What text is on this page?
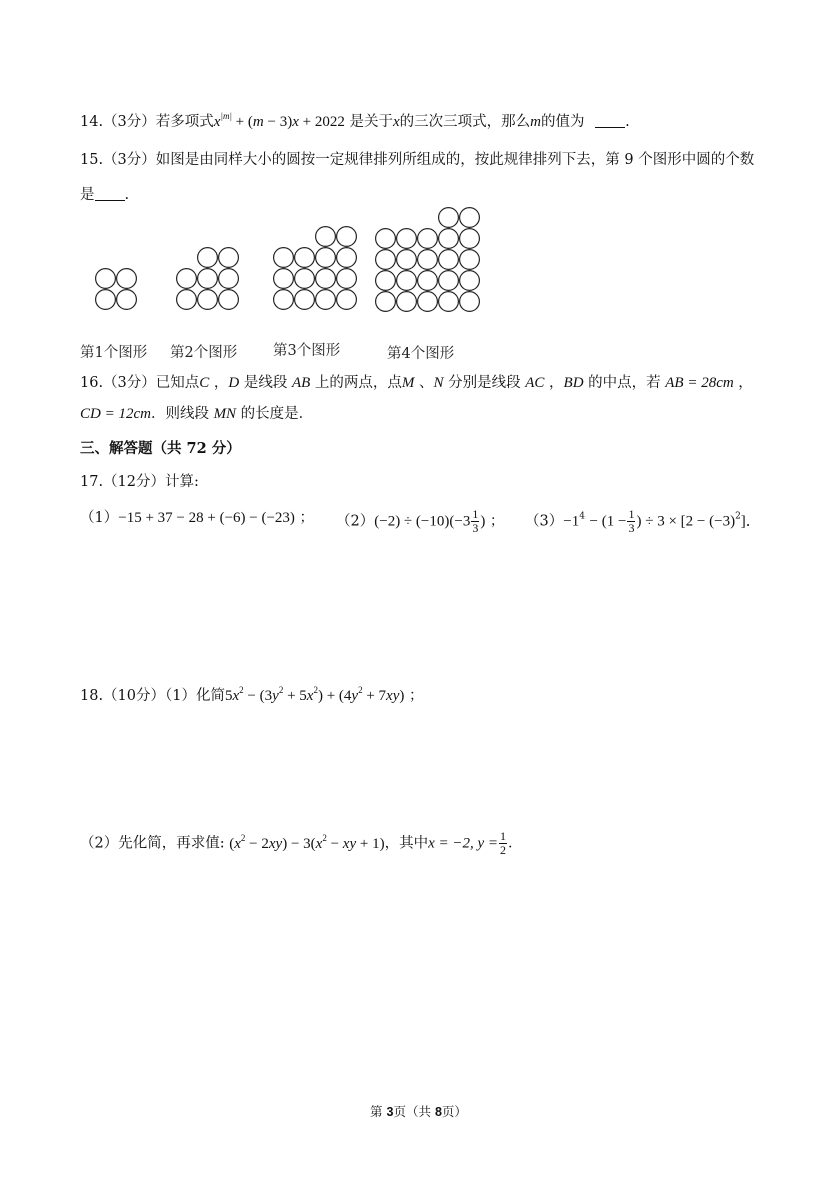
14.（3分）若多项式$x^{|m|} + (m - 3)x + 2022$ 是关于x的三次三项式，那么m的值为	.
15.（3分）如图是由同样大小的圆按一定规律排列所组成的，按此规律排列下去，第 9 个图形中圆的个数
是 .
第1个图形 第2个图形 第3个图形	第4个图形
16.（3分）已知点C ，D 是线段 AB 上的两点，点M 、N 分别是线段 AC ，BD 的中点，若 AB = 28cm ，
CD = 12cm．则线段 MN 的长度是．
三、解答题（共 72 分）
17.（12分）计算:
（1）−15 + 37 − 28 + (−6) − (−23) ； $(2)(-2) \div (-10)(-3 \frac{1}{3}$ ) ； $(3)-1^4 - (1 - \frac{1}{3}$ ) ÷ $3 \times [2 - (-3)^2]$．
18.（10分）（1）化简$5x^2 - (3y^2 + 5x^2) + (4y^2 + 7xy)$ ；
（2）先化简，再求值: $(x^2 - 2xy) - 3(x^2$ − xy + 1)，其中x = −2, $y = \frac{1}{2}$ ．
第 3页（共 8页）
